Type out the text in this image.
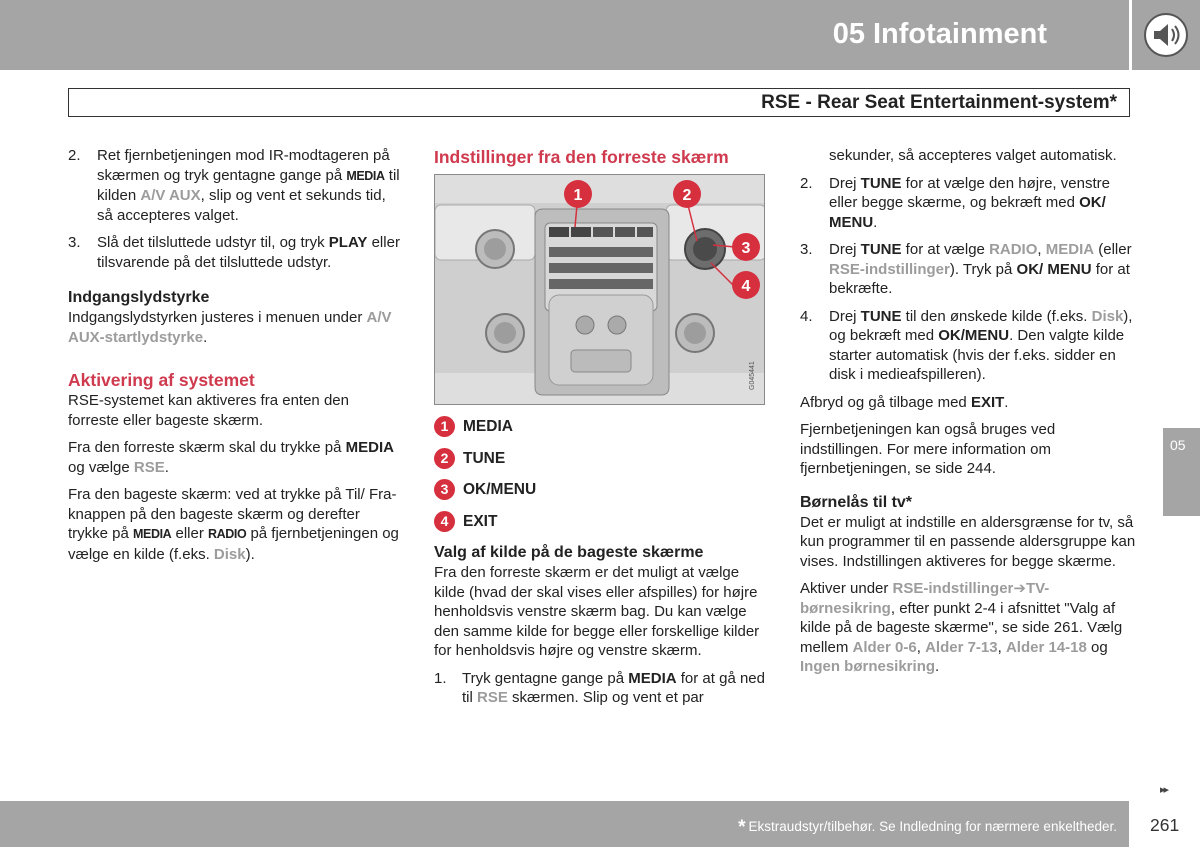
05 Infotainment
RSE - Rear Seat Entertainment-system*
05
2. Ret fjernbetjeningen mod IR-modtageren på skærmen og tryk gentagne gange på MEDIA til kilden A/V AUX, slip og vent et sekunds tid, så accepteres valget.
3. Slå det tilsluttede udstyr til, og tryk PLAY eller tilsvarende på det tilsluttede udstyr.
Indgangslydstyrke
Indgangslydstyrken justeres i menuen under A/V AUX-startlydstyrke.
Aktivering af systemet
RSE-systemet kan aktiveres fra enten den forreste eller bageste skærm.
Fra den forreste skærm skal du trykke på MEDIA og vælge RSE.
Fra den bageste skærm: ved at trykke på Til/ Fra-knappen på den bageste skærm og derefter trykke på MEDIA eller RADIO på fjernbetjeningen og vælge en kilde (f.eks. Disk).
Indstillinger fra den forreste skærm
1	2
3
4
G045441
1 MEDIA
2 TUNE
3 OK/MENU
4 EXIT
Valg af kilde på de bageste skærme
Fra den forreste skærm er det muligt at vælge kilde (hvad der skal vises eller afspilles) for højre henholdsvis venstre skærm bag. Du kan vælge den samme kilde for begge eller forskellige kilder for henholdsvis højre og venstre skærm.
1. Tryk gentagne gange på MEDIA for at gå ned til RSE skærmen. Slip og vent et par
sekunder, så accepteres valget automatisk.
2. Drej TUNE for at vælge den højre, venstre eller begge skærme, og bekræft med OK/ MENU.
3. Drej TUNE for at vælge RADIO, MEDIA (eller RSE-indstillinger). Tryk på OK/ MENU for at bekræfte.
4. Drej TUNE til den ønskede kilde (f.eks. Disk), og bekræft med OK/MENU. Den valgte kilde starter automatisk (hvis der f.eks. sidder en disk i medieafspilleren).
Afbryd og gå tilbage med EXIT.
Fjernbetjeningen kan også bruges ved indstillingen. For mere information om fjernbetjeningen, se side 244.
Børnelås til tv*
Det er muligt at indstille en aldersgrænse for tv, så kun programmer til en passende aldersgruppe kan vises. Indstillingen aktiveres for begge skærme.
Aktiver under RSE-indstillinger➔TV-børnesikring, efter punkt 2-4 i afsnittet "Valg af kilde på de bageste skærme", se side 261. Vælg mellem Alder 0-6, Alder 7-13, Alder 14-18 og Ingen børnesikring.
▸▸
* Ekstraudstyr/tilbehør. Se Indledning for nærmere enkeltheder. 261
